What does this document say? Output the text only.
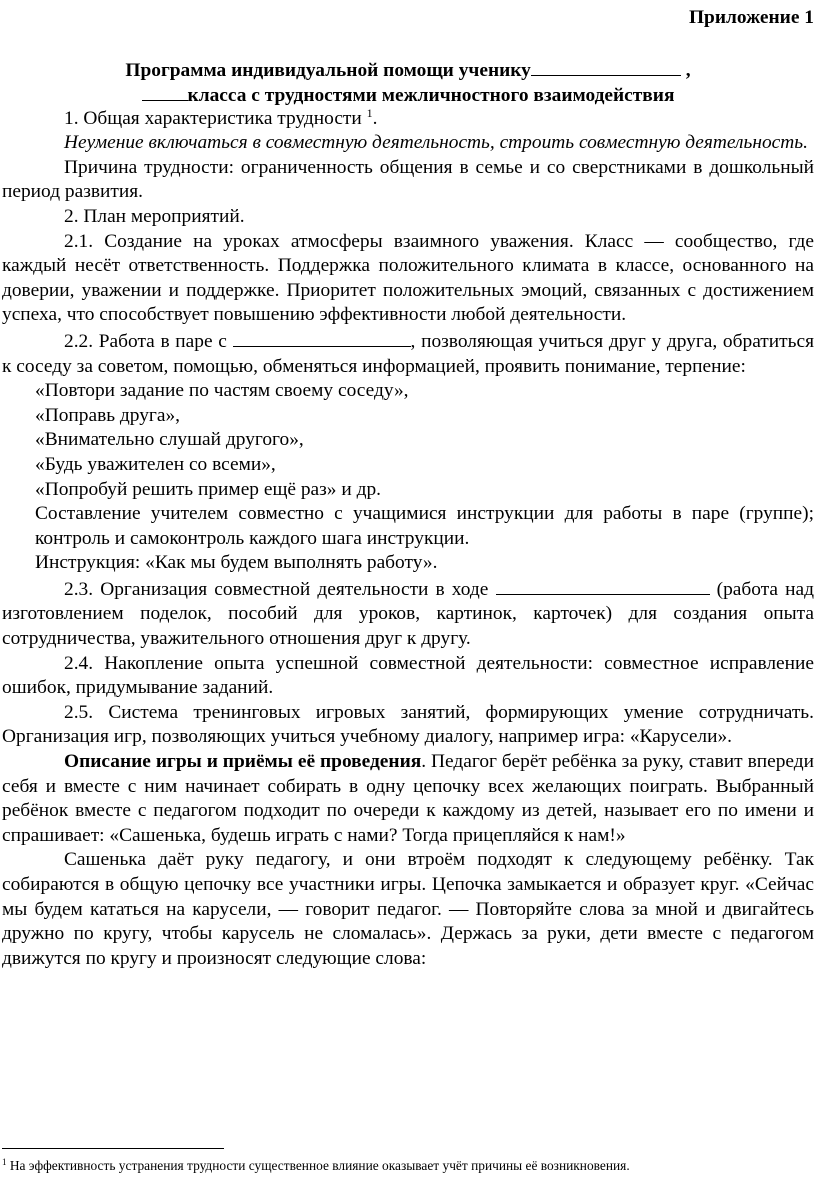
Приложение 1

Программа индивидуальной помощи ученику	,
класса с трудностями межличностного взаимодействия

1. Общая характеристика трудности $^1$.

Неумение включаться в совместную деятельность, строить совместную деятельность.

Причина трудности: ограниченность общения в семье и со сверстниками в дошкольный период развития.

2. План мероприятий.

2.1. Создание на уроках атмосферы взаимного уважения. Класс — сообщество, где каждый несёт ответственность. Поддержка положительного климата в классе, основанного на доверии, уважении и поддержке. Приоритет положительных эмоций, связанных с достижением успеха, что способствует повышению эффективности любой деятельности.

2.2. Работа в паре с	, позволяющая учиться друг у друга, обратиться к соседу за советом, помощью, обменяться информацией, проявить понимание, терпение:

«Повтори задание по частям своему соседу»,

«Поправь друга»,

«Внимательно слушай другого»,

«Будь уважителен со всеми»,

«Попробуй решить пример ещё раз» и др.

Составление учителем совместно с учащимися инструкции для работы в паре (группе); контроль и самоконтроль каждого шага инструкции.

Инструкция: «Как мы будем выполнять работу».

2.3. Организация совместной деятельности в ходе	(работа над изготовлением поделок, пособий для уроков, картинок, карточек) для создания опыта сотрудничества, уважительного отношения друг к другу.

2.4. Накопление опыта успешной совместной деятельности: совместное исправление ошибок, придумывание заданий.

2.5. Система тренинговых игровых занятий, формирующих умение сотрудничать. Организация игр, позволяющих учиться учебному диалогу, например игра: «Карусели».

Описание игры и приёмы её проведения. Педагог берёт ребёнка за руку, ставит впереди себя и вместе с ним начинает собирать в одну цепочку всех желающих поиграть. Выбранный ребёнок вместе с педагогом подходит по очереди к каждому из детей, называет его по имени и спрашивает: «Сашенька, будешь играть с нами? Тогда прицепляйся к нам!»

Сашенька даёт руку педагогу, и они втроём подходят к следующему ребёнку. Так собираются в общую цепочку все участники игры. Цепочка замыкается и образует круг. «Сейчас мы будем кататься на карусели, — говорит педагог. — Повторяйте слова за мной и двигайтесь дружно по кругу, чтобы карусель не сломалась». Держась за руки, дети вместе с педагогом движутся по кругу и произносят следующие слова:

$^1$ На эффективность устранения трудности существенное влияние оказывает учёт причины её возникновения.
